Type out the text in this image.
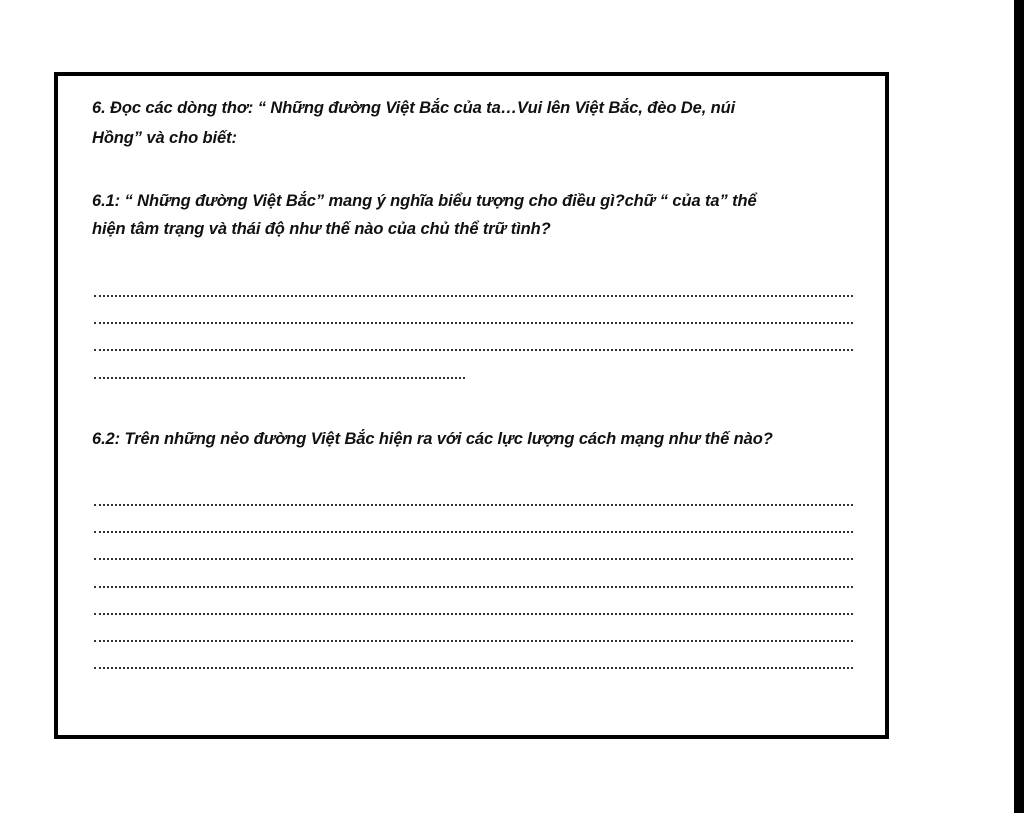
6. Đọc các dòng thơ: “ Những đường Việt Bắc của ta…Vui lên Việt Bắc, đèo De, núi
Hồng” và cho biết:
6.1: “ Những đường Việt Bắc” mang ý nghĩa biểu tượng cho điều gì?chữ “ của ta” thể
hiện tâm trạng và thái độ như thế nào của chủ thể trữ tình?
6.2: Trên những nẻo đường Việt Bắc hiện ra với các lực lượng cách mạng như thế nào?
